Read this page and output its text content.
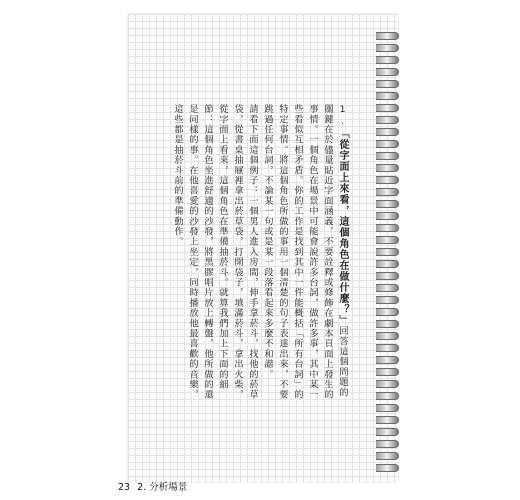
1.「從字面上來看，這個角色在做什麼？」回答這個問題的關鍵在於儘量貼近字面涵義，不要詮釋或修飾在劇本頁面上發生的事情。一個角色在場景中可能會說許多台詞，做許多事，其中某一些看似互相矛盾。你的工作是找到其中一件能概括「所有台詞」的特定事情。將這個角色所做的事用一個清楚的句子表達出來，不要跳過任何台詞，不論某一句或是某一段落看起來多麼不和諧。

請看下面這個例子：一個男人進入房間，伸手拿菸斗，找他的菸草袋，從書桌抽屜裡拿出菸草袋，打開袋子，填滿菸斗，拿出火柴，從字面上看來，這個角色在準備抽菸斗。就算我們加上下面的細節：這個角色坐進舒適的沙發，將黑膠唱片放上轉盤，他所做的還是同樣的事。在他喜愛的沙發上坐定，同時播放他最喜歡的音樂，這些都是抽菸斗前的準備動作。

23 2. 分析場景
